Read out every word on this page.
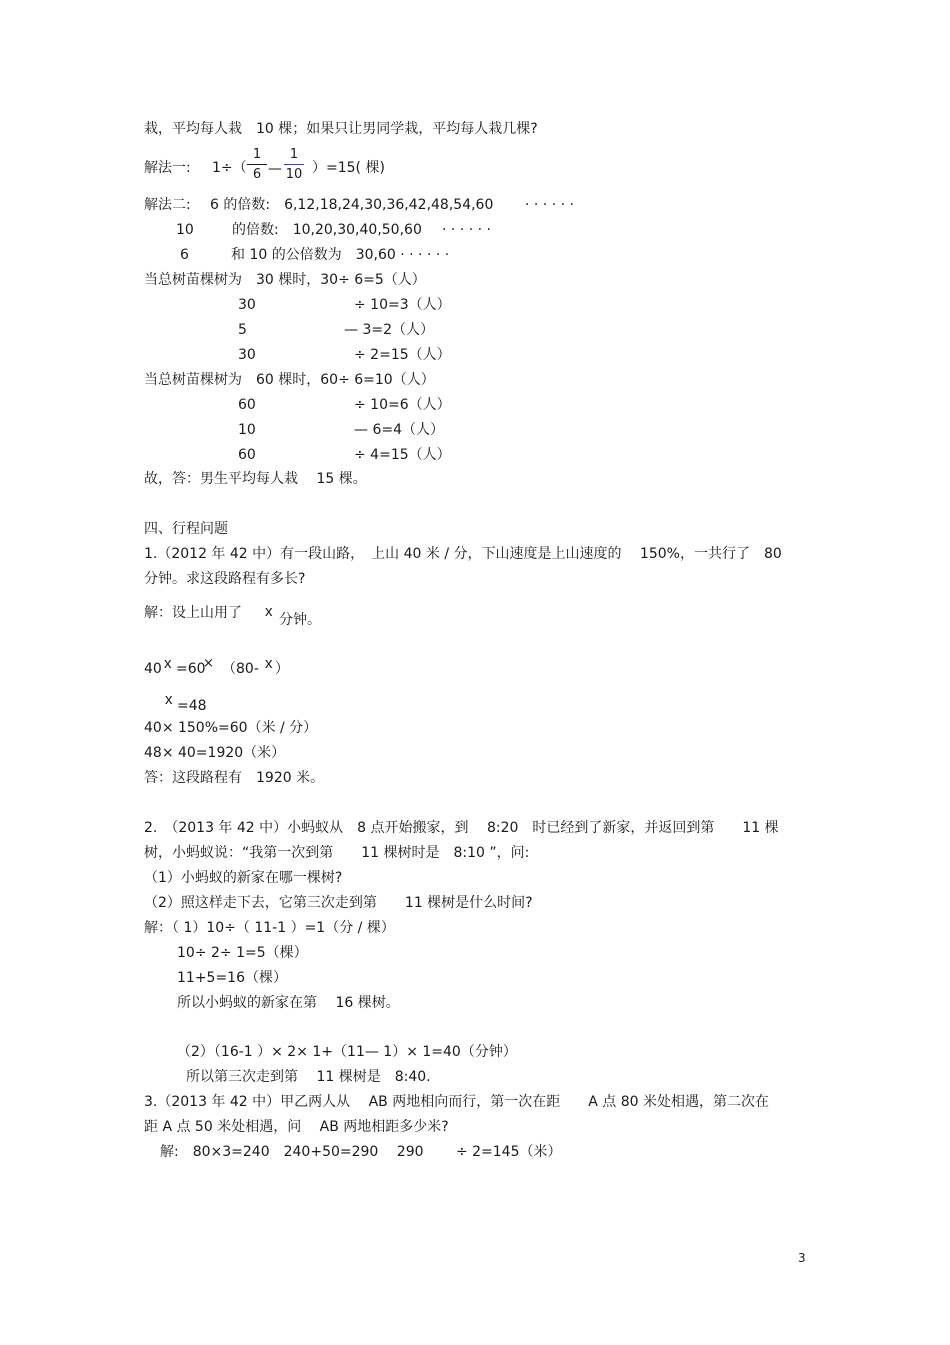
栽，平均每人栽　10 棵；如果只让男同学栽，平均每人栽几棵?
解法一: 1÷（
1
6 —
1
10 ）=15( 棵)
解法二: 6 的倍数:　6,12,18,24,30,36,42,48,54,60 · · · · · ·
10	的倍数:　10,20,30,40,50,60 · · · · · ·
6	和 10 的公倍数为　30,60 · · · · · ·
当总树苗棵树为　30 棵时，30÷ 6=5（人）
30	÷ 10=3（人）
5	— 3=2（人）
30	÷ 2=15（人）
当总树苗棵树为　60 棵时，60÷ 6=10（人）
60	÷ 10=6（人）
10	— 6=4（人）
60	÷ 4=15（人）
故，答：男生平均每人栽　 15 棵。
四、行程问题
1.（2012 年 42 中）有一段山路，　上山 40 米 / 分，下山速度是上山速度的　 150%，一共行了　80
分钟。求这段路程有多长?
解：设上山用了 x 分钟。
40 x =60
× （80- x ）
x =48
40× 150%=60（米 / 分）
48× 40=1920（米）
答：这段路程有　1920 米。
2.　（2013 年 42 中）小蚂蚁从　8 点开始搬家，到　 8:20　时已经到了新家，并返回到第　　11 棵
树，小蚂蚁说：“我第一次到第　　11 棵树时是　8:10 ”，问:
（1）小蚂蚁的新家在哪一棵树?
（2）照这样走下去，它第三次走到第　　11 棵树是什么时间?
解：（ 1）10÷（ 11-1 ）=1（分 / 棵）
10÷ 2÷ 1=5（棵）
11+5=16（棵）
所以小蚂蚁的新家在第　 16 棵树。
（2）（16-1 ）× 2× 1+（11— 1）× 1=40（分钟）
所以第三次走到第　 11 棵树是　8:40.
3.（2013 年 42 中）甲乙两人从　 AB 两地相向而行，第一次在距　　A 点 80 米处相遇，第二次在
距 A 点 50 米处相遇，问　 AB 两地相距多少米?
解:　80×3=240　240+50=290　 290　　 ÷ 2=145（米）
3
